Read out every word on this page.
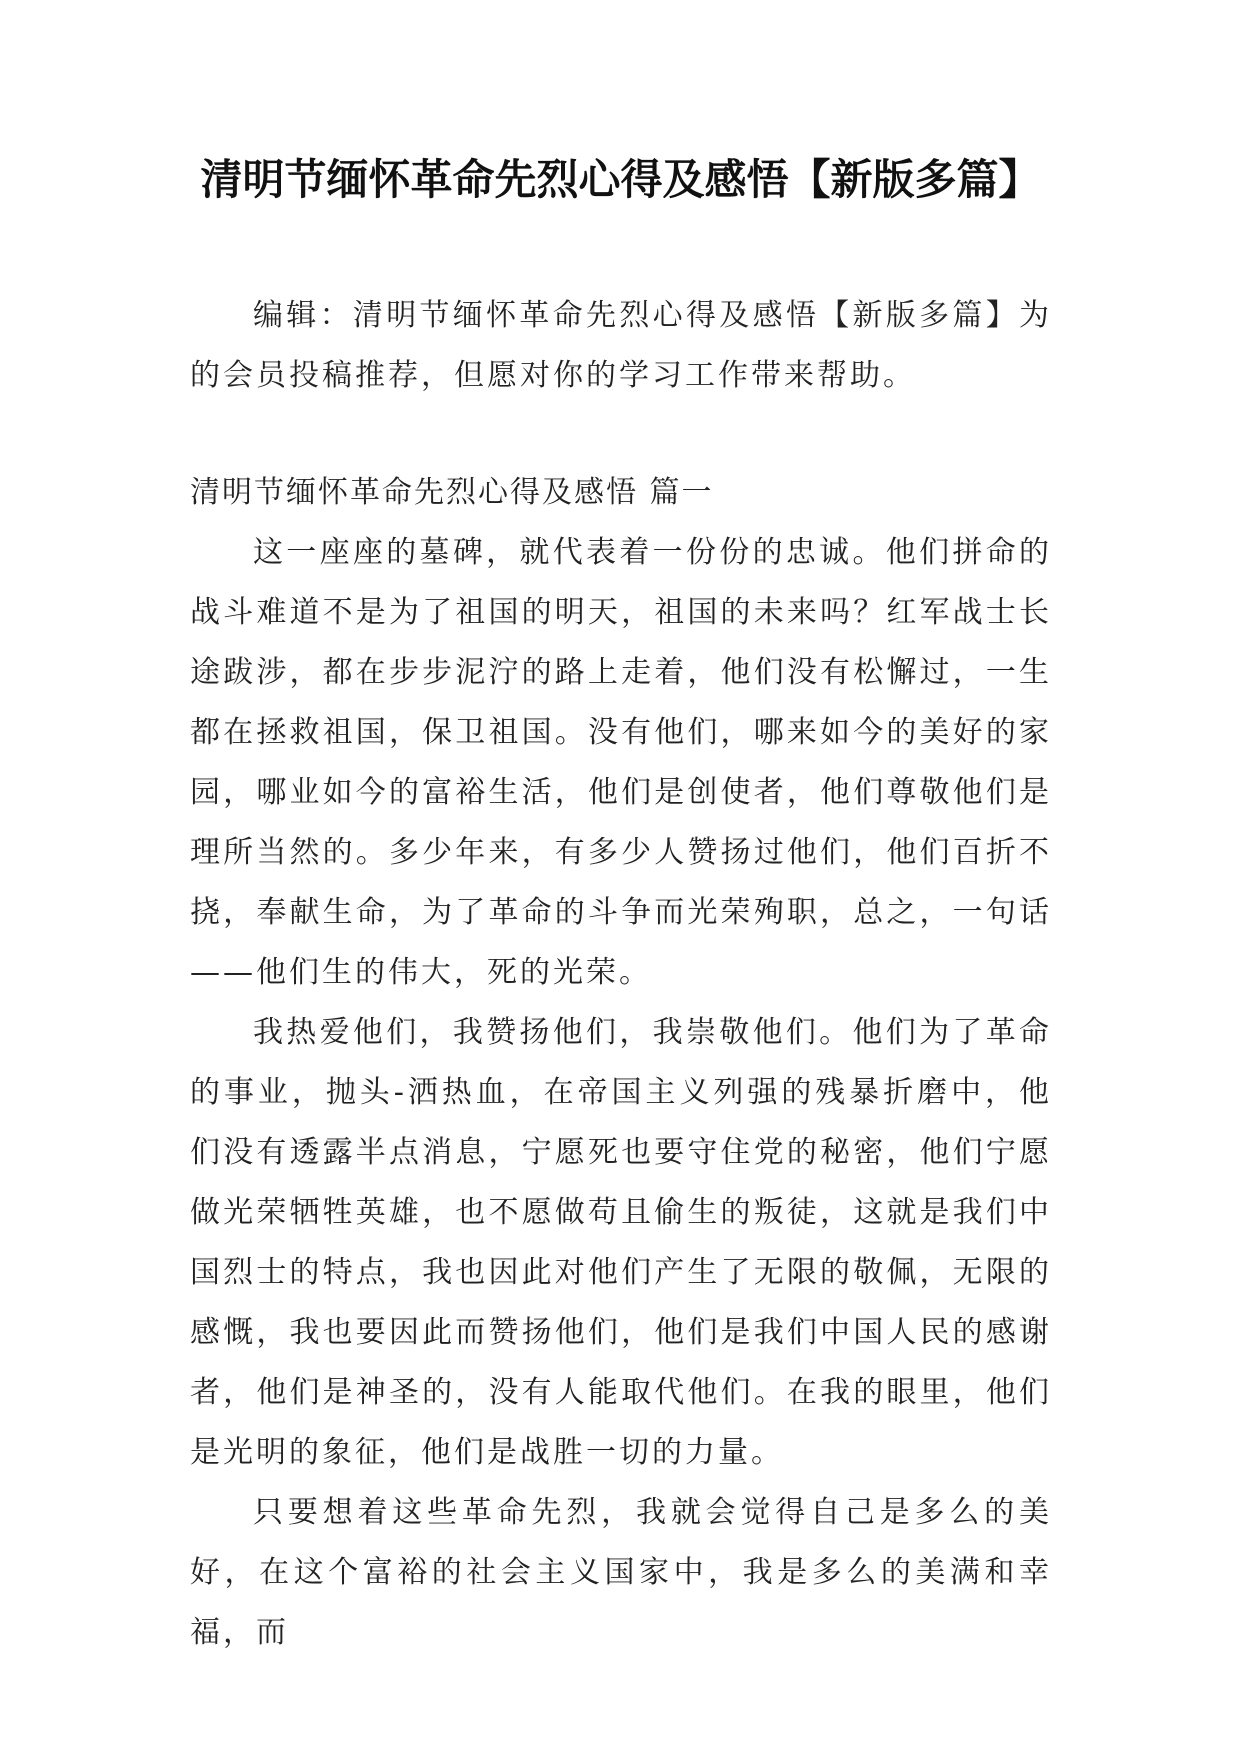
清明节缅怀革命先烈心得及感悟【新版多篇】

编辑：清明节缅怀革命先烈心得及感悟【新版多篇】为的会员投稿推荐，但愿对你的学习工作带来帮助。

清明节缅怀革命先烈心得及感悟 篇一

这一座座的墓碑，就代表着一份份的忠诚。他们拼命的战斗难道不是为了祖国的明天，祖国的未来吗？红军战士长途跋涉，都在步步泥泞的路上走着，他们没有松懈过，一生都在拯救祖国，保卫祖国。没有他们，哪来如今的美好的家园，哪业如今的富裕生活，他们是创使者，他们尊敬他们是理所当然的。多少年来，有多少人赞扬过他们，他们百折不挠，奉献生命，为了革命的斗争而光荣殉职，总之，一句话——他们生的伟大，死的光荣。

我热爱他们，我赞扬他们，我崇敬他们。他们为了革命的事业，抛头-洒热血，在帝国主义列强的残暴折磨中，他们没有透露半点消息，宁愿死也要守住党的秘密，他们宁愿做光荣牺牲英雄，也不愿做苟且偷生的叛徒，这就是我们中国烈士的特点，我也因此对他们产生了无限的敬佩，无限的感慨，我也要因此而赞扬他们，他们是我们中国人民的感谢者，他们是神圣的，没有人能取代他们。在我的眼里，他们是光明的象征，他们是战胜一切的力量。

只要想着这些革命先烈，我就会觉得自己是多么的美好，在这个富裕的社会主义国家中，我是多么的美满和幸福，而
